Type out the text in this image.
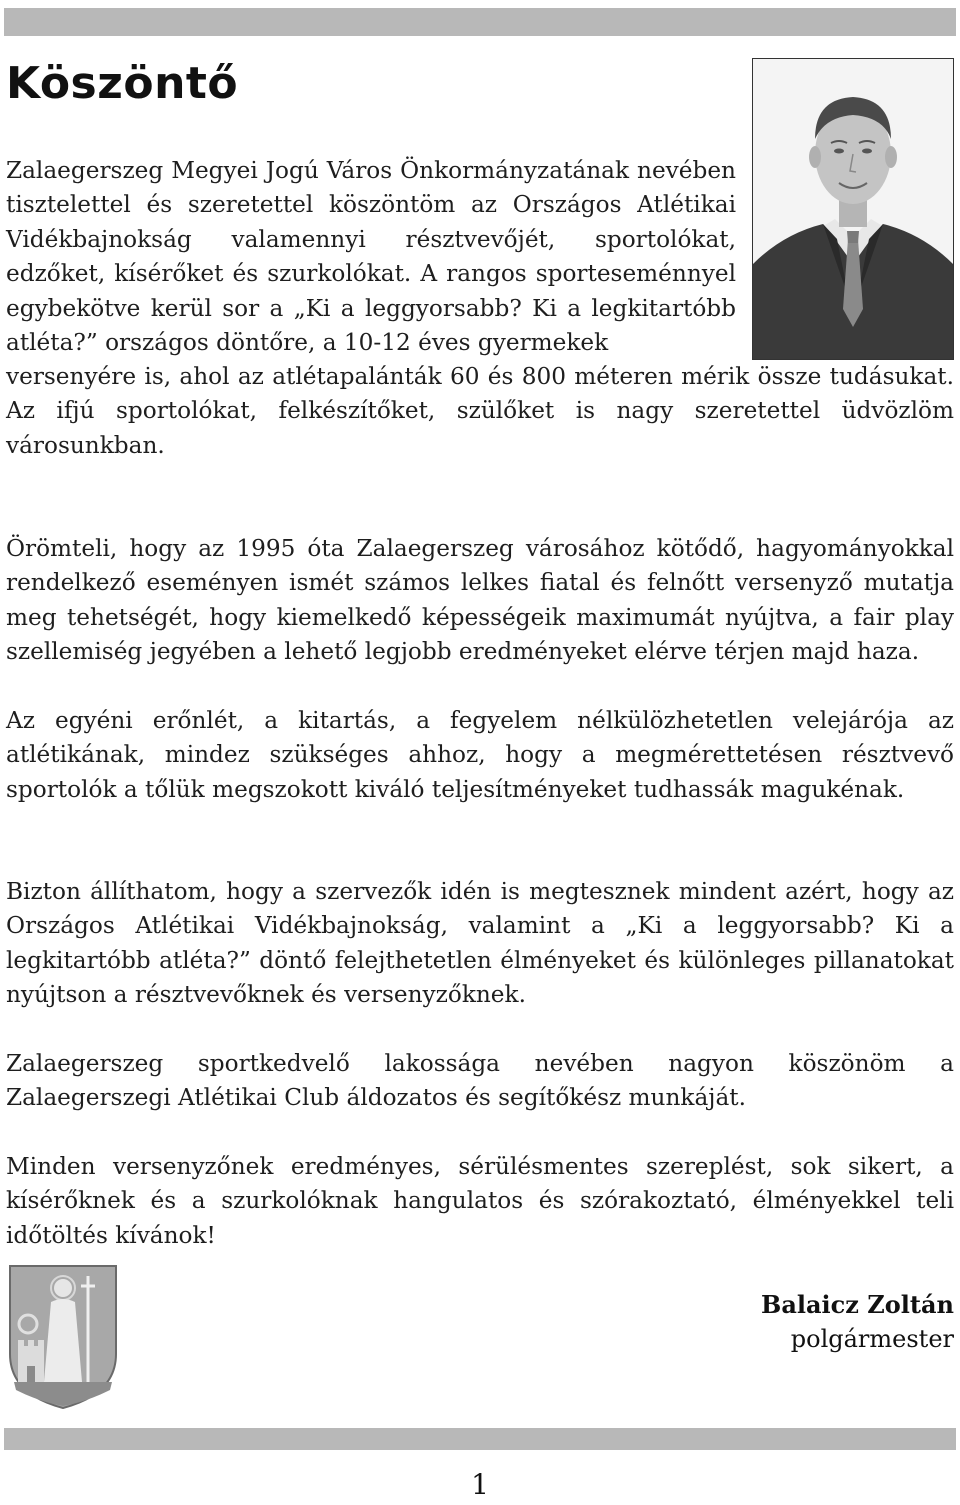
Köszöntő

Zalaegerszeg Megyei Jogú Város Önkormányzatának nevében tisztelettel és szeretettel köszöntöm az Országos Atlétikai Vidékbajnokság valamennyi résztvevőjét, sportolókat, edzőket, kísérőket és szurkolókat. A rangos sporteseménnyel egybekötve kerül sor a „Ki a leggyorsabb? Ki a legkitartóbb atléta?” országos döntőre, a 10-12 éves gyermekek

versenyére is, ahol az atlétapalánták 60 és 800 méteren mérik össze tudásukat. Az ifjú sportolókat, felkészítőket, szülőket is nagy szeretettel üdvözlöm városunkban.

Örömteli, hogy az 1995 óta Zalaegerszeg városához kötődő, hagyományokkal rendelkező eseményen ismét számos lelkes fiatal és felnőtt versenyző mutatja meg tehetségét, hogy kiemelkedő képességeik maximumát nyújtva, a fair play szellemiség jegyében a lehető legjobb eredményeket elérve térjen majd haza.

Az egyéni erőnlét, a kitartás, a fegyelem nélkülözhetetlen velejárója az atlétikának, mindez szükséges ahhoz, hogy a megmérettetésen résztvevő sportolók a tőlük megszokott kiváló teljesítményeket tudhassák magukénak.

Bizton állíthatom, hogy a szervezők idén is megtesznek mindent azért, hogy az Országos Atlétikai Vidékbajnokság, valamint a „Ki a leggyorsabb? Ki a legkitartóbb atléta?” döntő felejthetetlen élményeket és különleges pillanatokat nyújtson a résztvevőknek és versenyzőknek.

Zalaegerszeg sportkedvelő lakossága nevében nagyon köszönöm a Zalaegerszegi Atlétikai Club áldozatos és segítőkész munkáját.

Minden versenyzőnek eredményes, sérülésmentes szereplést, sok sikert, a kísérőknek és a szurkolóknak hangulatos és szórakoztató, élményekkel teli időtöltés kívánok!

Balaicz Zoltán
polgármester
1
